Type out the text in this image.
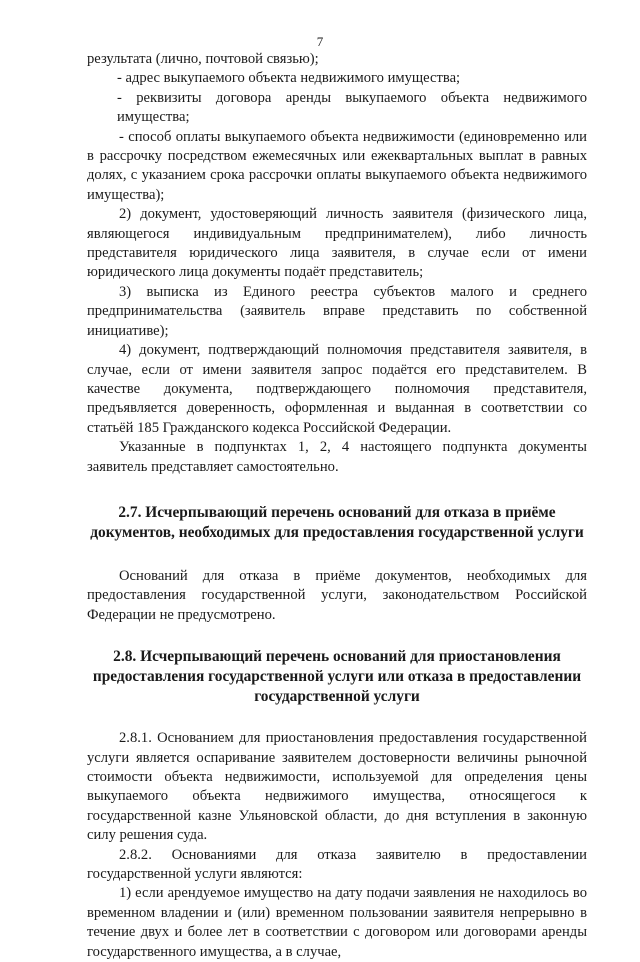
7

результата (лично, почтовой связью);

- адрес выкупаемого объекта недвижимого имущества;

- реквизиты договора аренды выкупаемого объекта недвижимого имущества;

- способ оплаты выкупаемого объекта недвижимости (единовременно или в рассрочку посредством ежемесячных или ежеквартальных выплат в равных долях, с указанием срока рассрочки оплаты выкупаемого объекта недвижимого имущества);

2) документ, удостоверяющий личность заявителя (физического лица, являющегося индивидуальным предпринимателем), либо личность представителя юридического лица заявителя, в случае если от имени юридического лица документы подаёт представитель;

3) выписка из Единого реестра субъектов малого и среднего предпринимательства (заявитель вправе представить по собственной инициативе);

4) документ, подтверждающий полномочия представителя заявителя, в случае, если от имени заявителя запрос подаётся его представителем. В качестве документа, подтверждающего полномочия представителя, предъявляется доверенность, оформленная и выданная в соответствии со статьёй 185 Гражданского кодекса Российской Федерации.

Указанные в подпунктах 1, 2, 4 настоящего подпункта документы заявитель представляет самостоятельно.

2.7. Исчерпывающий перечень оснований для отказа в приёме документов, необходимых для предоставления государственной услуги

Оснований для отказа в приёме документов, необходимых для предоставления государственной услуги, законодательством Российской Федерации не предусмотрено.

2.8. Исчерпывающий перечень оснований для приостановления предоставления государственной услуги или отказа в предоставлении государственной услуги

2.8.1. Основанием для приостановления предоставления государственной услуги является оспаривание заявителем достоверности величины рыночной стоимости объекта недвижимости, используемой для определения цены выкупаемого объекта недвижимого имущества, относящегося к государственной казне Ульяновской области, до дня вступления в законную силу решения суда.

2.8.2. Основаниями для отказа заявителю в предоставлении государственной услуги являются:

1) если арендуемое имущество на дату подачи заявления не находилось во временном владении и (или) временном пользовании заявителя непрерывно в течение двух и более лет в соответствии с договором или договорами аренды государственного имущества, а в случае,
